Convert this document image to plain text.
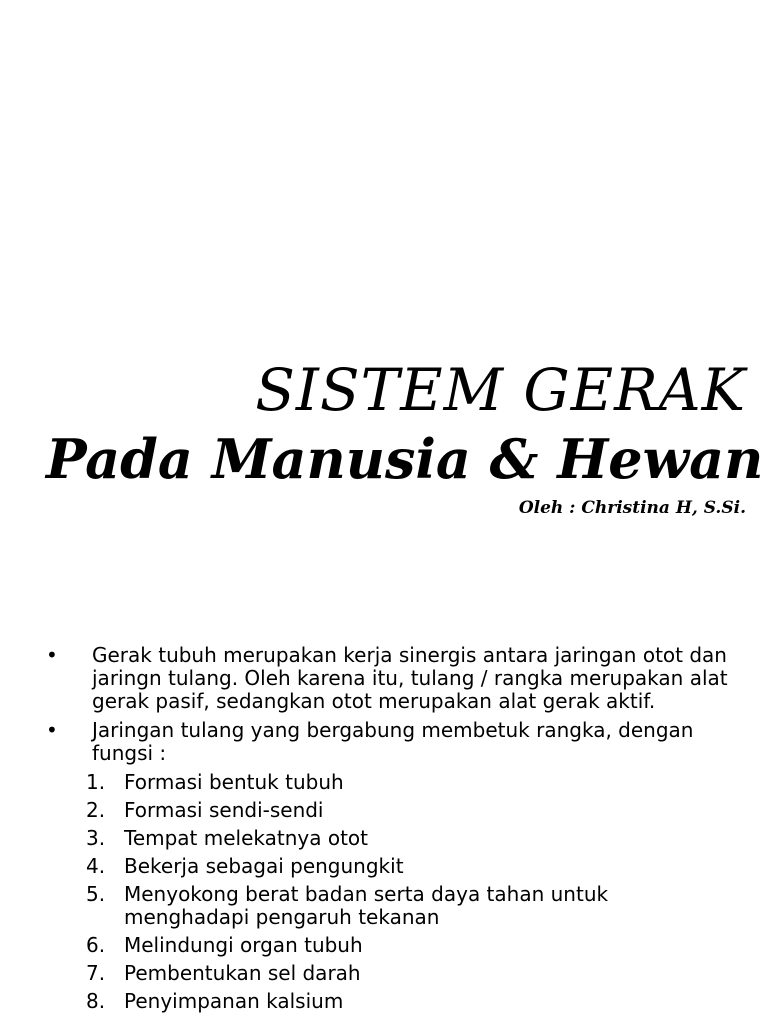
SISTEM GERAK
Pada Manusia & Hewan
Oleh : Christina H, S.Si.
• Gerak tubuh merupakan kerja sinergis antara jaringan otot dan jaringn tulang. Oleh karena itu, tulang / rangka merupakan alat gerak pasif, sedangkan otot merupakan alat gerak aktif.
• Jaringan tulang yang bergabung membetuk rangka, dengan fungsi :
1. Formasi bentuk tubuh
2. Formasi sendi-sendi
3. Tempat melekatnya otot
4. Bekerja sebagai pengungkit
5. Menyokong berat badan serta daya tahan untuk menghadapi pengaruh tekanan
6. Melindungi organ tubuh
7. Pembentukan sel darah
8. Penyimpanan kalsium
